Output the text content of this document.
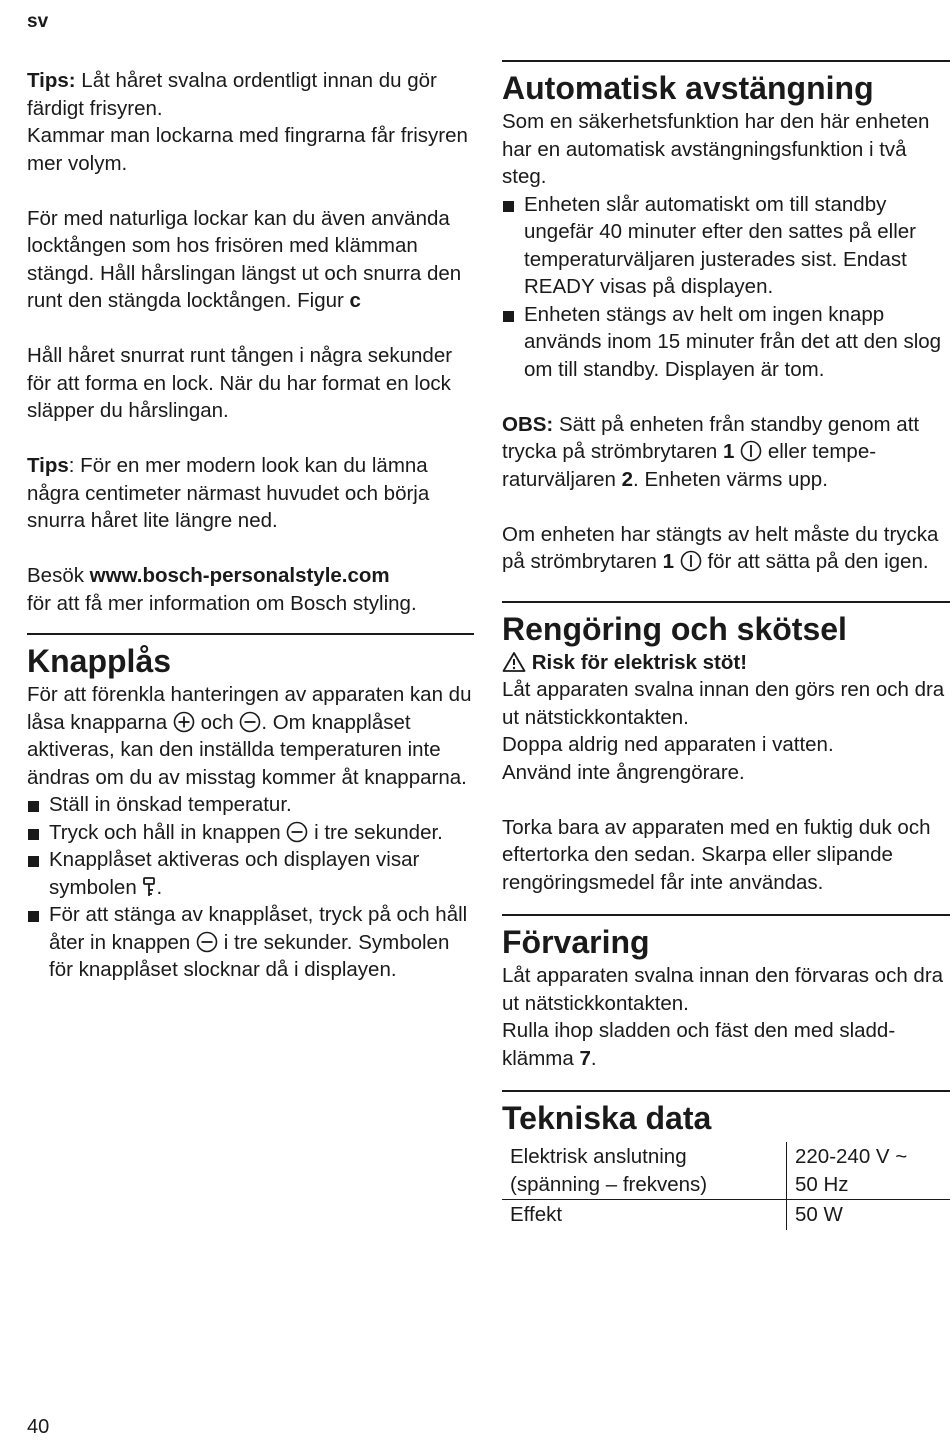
sv

Tips: Låt håret svalna ordentligt innan du gör färdigt frisyren.
Kammar man lockarna med fingrarna får frisyren mer volym.

För med naturliga lockar kan du även använda locktången som hos frisören med klämman stängd. Håll hårslingan längst ut och snurra den runt den stängda locktången. Figur c

Håll håret snurrat runt tången i några sekunder för att forma en lock. När du har format en lock släpper du hårslingan.

Tips: För en mer modern look kan du lämna några centimeter närmast huvudet och börja snurra håret lite längre ned.

Besök www.bosch-personalstyle.com
för att få mer information om Bosch styling.

Knapplås

För att förenkla hanteringen av apparaten kan du låsa knapparna  och . Om knapplåset aktiveras, kan den inställda temperaturen inte ändras om du av misstag kommer åt knapparna.

Ställ in önskad temperatur.
Tryck och håll in knappen  i tre sekunder.
Knapplåset aktiveras och displayen visar symbolen .
För att stänga av knapplåset, tryck på och håll åter in knappen  i tre sekunder. Symbolen för knapplåset slocknar då i displayen.
Automatisk avstängning

Som en säkerhetsfunktion har den här enheten har en automatisk avstängningsfunktion i två steg.

Enheten slår automatiskt om till standby ungefär 40 minuter efter den sattes på eller temperaturväljaren justerades sist. Endast READY visas på displayen.
Enheten stängs av helt om ingen knapp används inom 15 minuter från det att den slog om till standby. Displayen är tom.

OBS: Sätt på enheten från standby genom att trycka på strömbrytaren 1  eller temperaturväljaren 2. Enheten värms upp.

Om enheten har stängts av helt måste du trycka på strömbrytaren 1  för att sätta på den igen.

Rengöring och skötsel

Risk för elektrisk stöt!

Låt apparaten svalna innan den görs ren och dra ut nätstickkontakten.

Doppa aldrig ned apparaten i vatten.

Använd inte ångrengörare.

Torka bara av apparaten med en fuktig duk och eftertorka den sedan. Skarpa eller slipande rengöringsmedel får inte användas.

Förvaring

Låt apparaten svalna innan den förvaras och dra ut nätstickkontakten.

Rulla ihop sladden och fäst den med sladdklämma 7.

Tekniska data
Elektrisk anslutning
(spänning – frekvens)	220-240 V ~
50 Hz
Effekt	50 W
40
